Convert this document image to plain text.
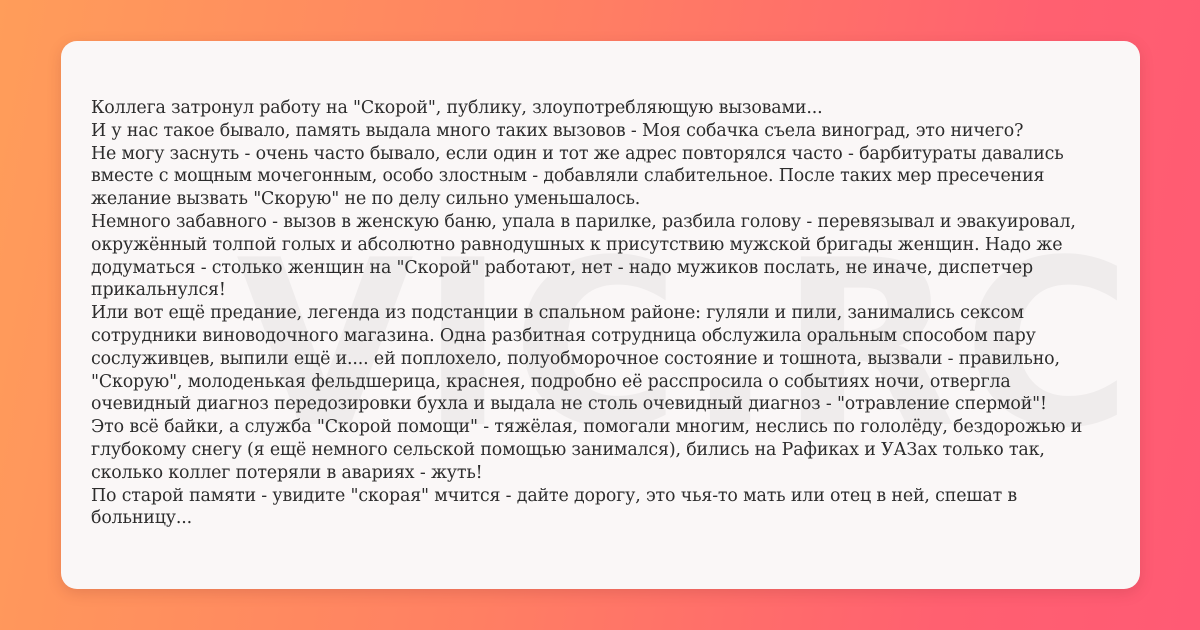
Коллега затронул работу на "Скорой", публику, злоупотребляющую вызовами...
И у нас такое бывало, память выдала много таких вызовов - Моя собачка съела виноград, это ничего?
Не могу заснуть - очень часто бывало, если один и тот же адрес повторялся часто - барбитураты давались
вместе с мощным мочегонным, особо злостным - добавляли слабительное. После таких мер пресечения
желание вызвать "Скорую" не по делу сильно уменьшалось.
Немного забавного - вызов в женскую баню, упала в парилке, разбила голову - перевязывал и эвакуировал,
окружённый толпой голых и абсолютно равнодушных к присутствию мужской бригады женщин. Надо же
додуматься - столько женщин на "Скорой" работают, нет - надо мужиков послать, не иначе, диспетчер
прикальнулся!
Или вот ещё предание, легенда из подстанции в спальном районе: гуляли и пили, занимались сексом
сотрудники виноводочного магазина. Одна разбитная сотрудница обслужила оральным способом пару
сослуживцев, выпили ещё и.... ей поплохело, полуобморочное состояние и тошнота, вызвали - правильно,
"Скорую", молоденькая фельдшерица, краснея, подробно её расспросила о событиях ночи, отвергла
очевидный диагноз передозировки бухла и выдала не столь очевидный диагноз - "отравление спермой"!
Это всё байки, а служба "Скорой помощи" - тяжёлая, помогали многим, неслись по гололёду, бездорожью и
глубокому снегу (я ещё немного сельской помощью занимался), бились на Рафиках и УАЗах только так,
сколько коллег потеряли в авариях - жуть!
По старой памяти - увидите "скорая" мчится - дайте дорогу, это чья-то мать или отец в ней, спешат в
больницу...
